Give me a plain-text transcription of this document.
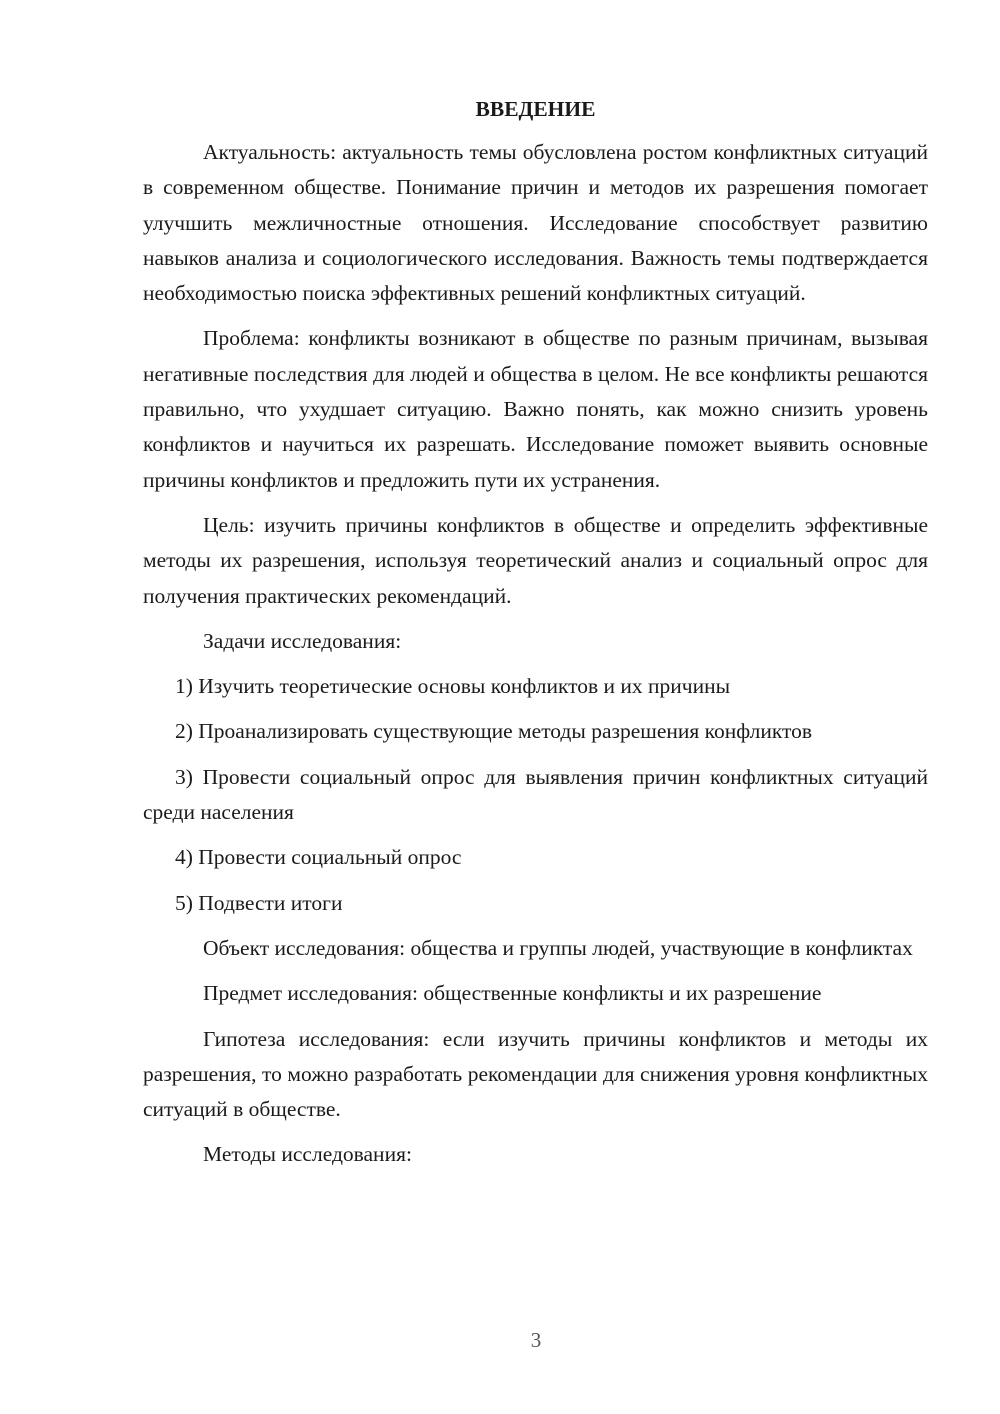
ВВЕДЕНИЕ

Актуальность: актуальность темы обусловлена ростом конфликтных ситуаций в современном обществе. Понимание причин и методов их разрешения помогает улучшить межличностные отношения. Исследование способствует развитию навыков анализа и социологического исследования. Важность темы подтверждается необходимостью поиска эффективных решений конфликтных ситуаций.

Проблема: конфликты возникают в обществе по разным причинам, вызывая негативные последствия для людей и общества в целом. Не все конфликты решаются правильно, что ухудшает ситуацию. Важно понять, как можно снизить уровень конфликтов и научиться их разрешать. Исследование поможет выявить основные причины конфликтов и предложить пути их устранения.

Цель: изучить причины конфликтов в обществе и определить эффективные методы их разрешения, используя теоретический анализ и социальный опрос для получения практических рекомендаций.

Задачи исследования:

1) Изучить теоретические основы конфликтов и их причины

2) Проанализировать существующие методы разрешения конфликтов

3) Провести социальный опрос для выявления причин конфликтных ситуаций среди населения

4) Провести социальный опрос

5) Подвести итоги

Объект исследования: общества и группы людей, участвующие в конфликтах

Предмет исследования: общественные конфликты и их разрешение

Гипотеза исследования: если изучить причины конфликтов и методы их разрешения, то можно разработать рекомендации для снижения уровня конфликтных ситуаций в обществе.

Методы исследования:

3
